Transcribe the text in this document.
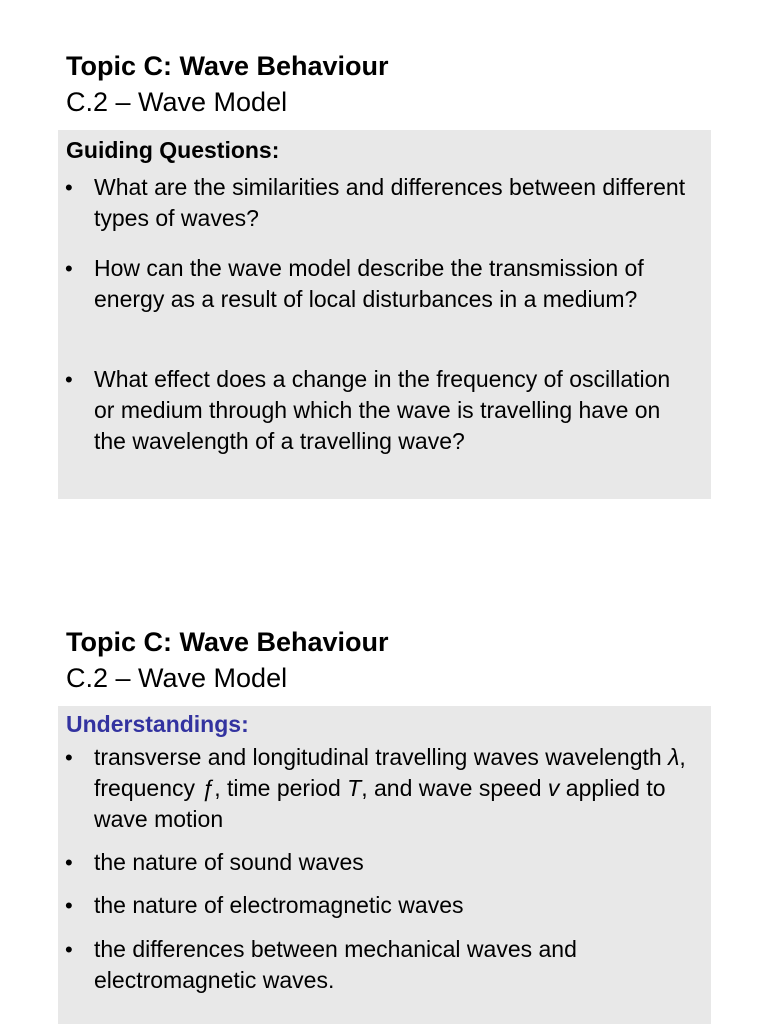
Topic C: Wave Behaviour
C.2 – Wave Model
Guiding Questions:
• What are the similarities and differences between different types of waves?
• How can the wave model describe the transmission of energy as a result of local disturbances in a medium?
• What effect does a change in the frequency of oscillation or medium through which the wave is travelling have on the wavelength of a travelling wave?
Topic C: Wave Behaviour
C.2 – Wave Model
Understandings:
• transverse and longitudinal travelling waves wavelength λ, frequency ƒ, time period T, and wave speed v applied to wave motion
• the nature of sound waves
• the nature of electromagnetic waves
• the differences between mechanical waves and electromagnetic waves.
